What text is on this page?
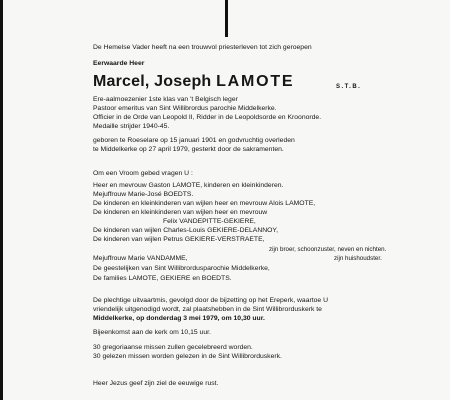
De Hemelse Vader heeft na een trouwvol priesterleven tot zich geroepen
Eerwaarde Heer
Marcel, Joseph LAMOTE	S.T.B.
Ere-aalmoezenier 1ste klas van 't Belgisch leger
Pastoor emeritus van Sint Willibrordus parochie Middelkerke.
Officier in de Orde van Leopold II, Ridder in de Leopoldsorde en Kroonorde.
Medaille strijder 1940-45.
geboren te Roeselare op 15 januari 1901 en godvruchtig overleden
te Middelkerke op 27 april 1979, gesterkt door de sakramenten.
Om een Vroom gebed vragen U :
Heer en mevrouw Gaston LAMOTE, kinderen en kleinkinderen.
Mejuffrouw Marie-José BOEDTS.
De kinderen en kleinkinderen van wijlen heer en mevrouw Alois LAMOTE,
De kinderen en kleinkinderen van wijlen heer en mevrouw
Felix VANDEPITTE-GEKIERE,
De kinderen van wijlen Charles-Louis GEKIERE-DELANNOY,
De kinderen van wijlen Petrus GEKIERE-VERSTRAETE,
zijn broer, schoonzuster, neven en nichten.
Mejuffrouw Marie VANDAMME,	zijn huishoudster.
De geestelijken van Sint Willibrordusparochie Middelkerke,
De families LAMOTE, GEKIERE en BOEDTS.
De plechtige uitvaartmis, gevolgd door de bijzetting op het Ereperk, waartoe U
vriendelijk uitgenodigd wordt, zal plaatshebben in de Sint Willibrorduskerk te
Middelkerke, op donderdag 3 mei 1979, om 10,30 uur.
Bijeenkomst aan de kerk om 10,15 uur.
30 gregoriaanse missen zullen gecelebreerd worden.
30 gelezen missen worden gelezen in de Sint Willibrorduskerk.
Heer Jezus geef zijn ziel de eeuwige rust.
